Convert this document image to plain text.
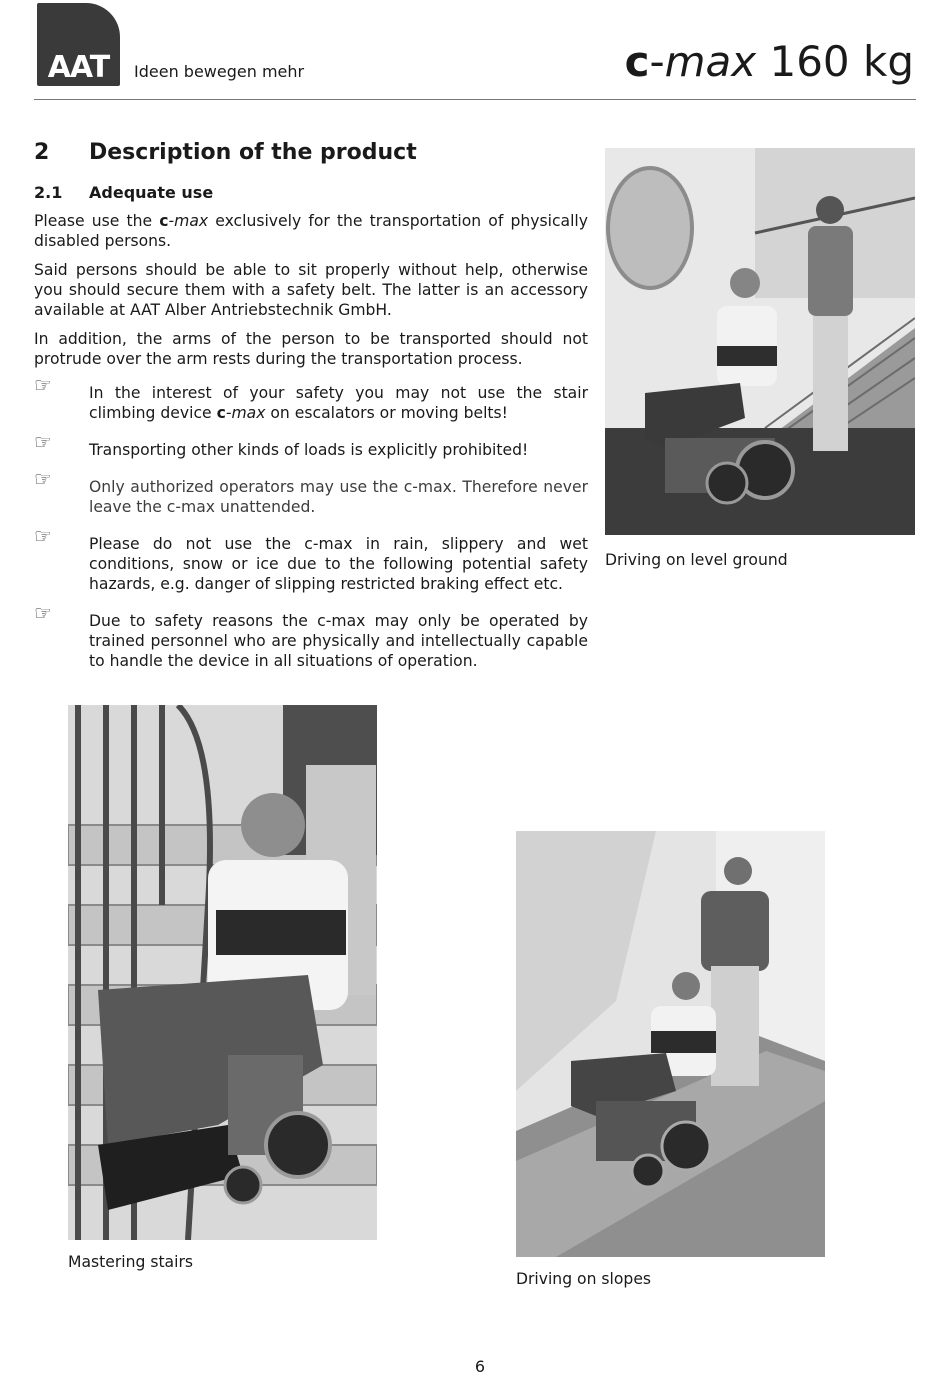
AAT	Ideen bewegen mehr	c-max 160 kg
2	Description of the product
2.1	Adequate use

Please use the c-max exclusively for the transportation of physically disabled persons.

Said persons should be able to sit properly without help, otherwise you should secure them with a safety belt. The latter is an accessory available at AAT Alber Antriebstechnik GmbH.

In addition, the arms of the person to be transported should not protrude over the arm rests during the transportation process.

☞	In the interest of your safety you may not use the stair climbing device c-max on escalators or moving belts!
☞	Transporting other kinds of loads is explicitly prohibited!
☞	Only authorized operators may use the c-max. Therefore never leave the c-max unattended.
☞	Please do not use the c-max in rain, slippery and wet conditions, snow or ice due to the following potential safety hazards, e.g. danger of slipping restricted braking effect etc.
☞	Due to safety reasons the c-max may only be operated by trained personnel who are physically and intellectually capable to handle the device in all situations of operation.
Driving on level ground
Mastering stairs
Driving on slopes
6
